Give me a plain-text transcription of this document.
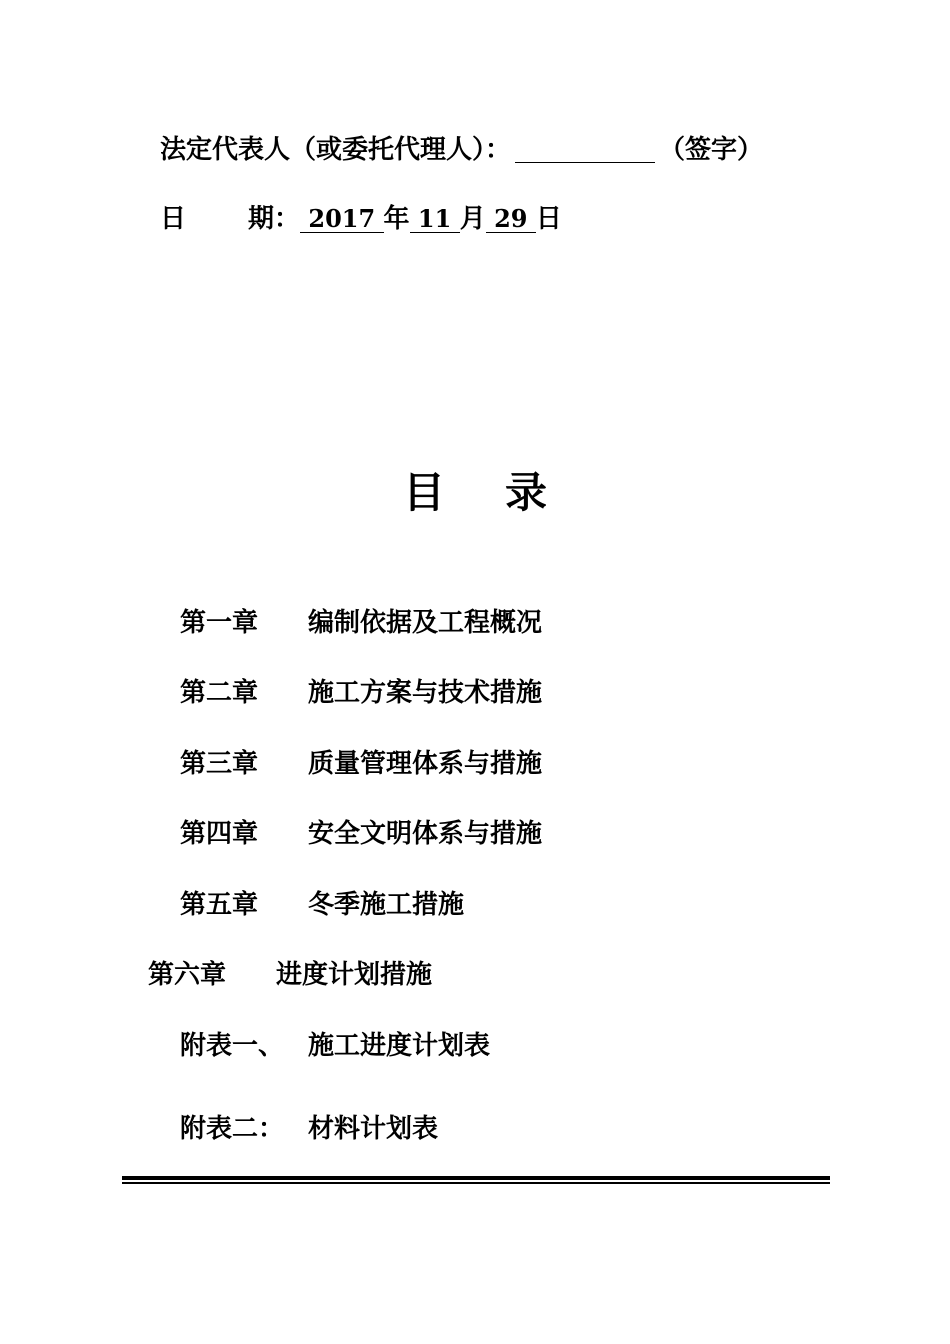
法定代表人（或委托代理人）：	（签字）
日 期： 2017 年 11 月 29 日
目 录
第一章 编制依据及工程概况
第二章 施工方案与技术措施
第三章 质量管理体系与措施
第四章 安全文明体系与措施
第五章 冬季施工措施
第六章 进度计划措施
附表一、 施工进度计划表
附表二： 材料计划表
